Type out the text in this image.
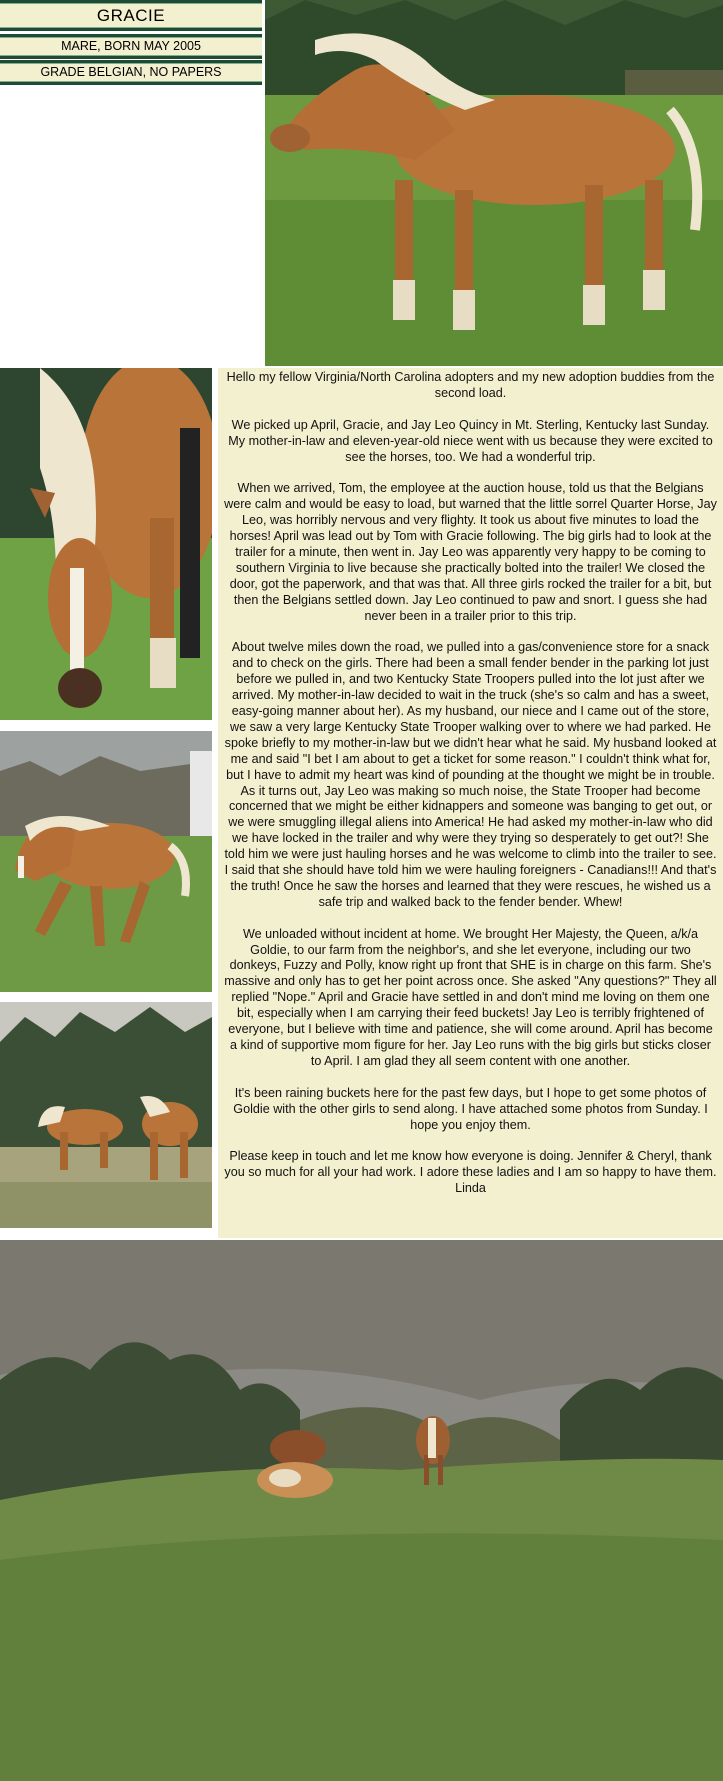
GRACIE
MARE, BORN MAY 2005
GRADE BELGIAN, NO PAPERS

Hello my fellow Virginia/North Carolina adopters and my new adoption buddies from the second load.

We picked up April, Gracie, and Jay Leo Quincy in Mt. Sterling, Kentucky last Sunday. My mother-in-law and eleven-year-old niece went with us because they were excited to see the horses, too. We had a wonderful trip.

When we arrived, Tom, the employee at the auction house, told us that the Belgians were calm and would be easy to load, but warned that the little sorrel Quarter Horse, Jay Leo, was horribly nervous and very flighty. It took us about five minutes to load the horses! April was lead out by Tom with Gracie following. The big girls had to look at the trailer for a minute, then went in. Jay Leo was apparently very happy to be coming to southern Virginia to live because she practically bolted into the trailer! We closed the door, got the paperwork, and that was that. All three girls rocked the trailer for a bit, but then the Belgians settled down. Jay Leo continued to paw and snort. I guess she had never been in a trailer prior to this trip.

About twelve miles down the road, we pulled into a gas/convenience store for a snack and to check on the girls. There had been a small fender bender in the parking lot just before we pulled in, and two Kentucky State Troopers pulled into the lot just after we arrived. My mother-in-law decided to wait in the truck (she's so calm and has a sweet, easy-going manner about her). As my husband, our niece and I came out of the store, we saw a very large Kentucky State Trooper walking over to where we had parked. He spoke briefly to my mother-in-law but we didn't hear what he said. My husband looked at me and said "I bet I am about to get a ticket for some reason." I couldn't think what for, but I have to admit my heart was kind of pounding at the thought we might be in trouble. As it turns out, Jay Leo was making so much noise, the State Trooper had become concerned that we might be either kidnappers and someone was banging to get out, or we were smuggling illegal aliens into America! He had asked my mother-in-law who did we have locked in the trailer and why were they trying so desperately to get out?! She told him we were just hauling horses and he was welcome to climb into the trailer to see. I said that she should have told him we were hauling foreigners - Canadians!!! And that's the truth! Once he saw the horses and learned that they were rescues, he wished us a safe trip and walked back to the fender bender. Whew!

We unloaded without incident at home. We brought Her Majesty, the Queen, a/k/a Goldie, to our farm from the neighbor's, and she let everyone, including our two donkeys, Fuzzy and Polly, know right up front that SHE is in charge on this farm. She's massive and only has to get her point across once. She asked "Any questions?" They all replied "Nope." April and Gracie have settled in and don't mind me loving on them one bit, especially when I am carrying their feed buckets! Jay Leo is terribly frightened of everyone, but I believe with time and patience, she will come around. April has become a kind of supportive mom figure for her. Jay Leo runs with the big girls but sticks closer to April. I am glad they all seem content with one another.

It's been raining buckets here for the past few days, but I hope to get some photos of Goldie with the other girls to send along. I have attached some photos from Sunday. I hope you enjoy them.

Please keep in touch and let me know how everyone is doing. Jennifer & Cheryl, thank you so much for all your had work. I adore these ladies and I am so happy to have them.

Linda
